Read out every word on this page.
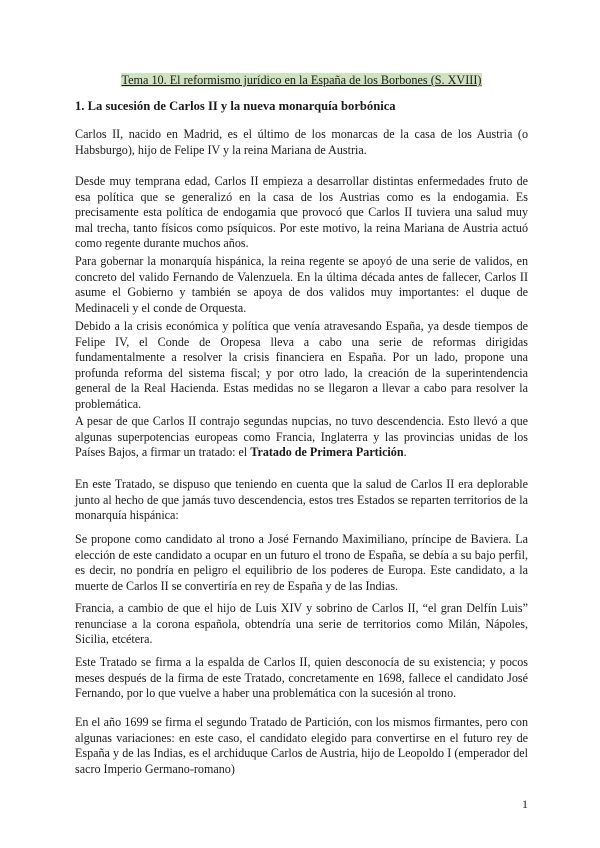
Tema 10. El reformismo jurídico en la España de los Borbones (S. XVIII)
1. La sucesión de Carlos II y la nueva monarquía borbónica

Carlos II, nacido en Madrid, es el último de los monarcas de la casa de los Austria (o Habsburgo), hijo de Felipe IV y la reina Mariana de Austria.

Desde muy temprana edad, Carlos II empieza a desarrollar distintas enfermedades fruto de esa política que se generalizó en la casa de los Austrias como es la endogamia. Es precisamente esta política de endogamia que provocó que Carlos II tuviera una salud muy mal trecha, tanto físicos como psíquicos. Por este motivo, la reina Mariana de Austria actuó como regente durante muchos años.

Para gobernar la monarquía hispánica, la reina regente se apoyó de una serie de validos, en concreto del valido Fernando de Valenzuela. En la última década antes de fallecer, Carlos II asume el Gobierno y también se apoya de dos validos muy importantes: el duque de Medinaceli y el conde de Orquesta.

Debido a la crisis económica y política que venía atravesando España, ya desde tiempos de Felipe IV, el Conde de Oropesa lleva a cabo una serie de reformas dirigidas fundamentalmente a resolver la crisis financiera en España. Por un lado, propone una profunda reforma del sistema fiscal; y por otro lado, la creación de la superintendencia general de la Real Hacienda. Estas medidas no se llegaron a llevar a cabo para resolver la problemática.

A pesar de que Carlos II contrajo segundas nupcias, no tuvo descendencia. Esto llevó a que algunas superpotencias europeas como Francia, Inglaterra y las provincias unidas de los Países Bajos, a firmar un tratado: el Tratado de Primera Partición.

En este Tratado, se dispuso que teniendo en cuenta que la salud de Carlos II era deplorable junto al hecho de que jamás tuvo descendencia, estos tres Estados se reparten territorios de la monarquía hispánica:

Se propone como candidato al trono a José Fernando Maximiliano, príncipe de Baviera. La elección de este candidato a ocupar en un futuro el trono de España, se debía a su bajo perfil, es decir, no pondría en peligro el equilibrio de los poderes de Europa. Este candidato, a la muerte de Carlos II se convertiría en rey de España y de las Indias.

Francia, a cambio de que el hijo de Luis XIV y sobrino de Carlos II, “el gran Delfín Luis” renunciase a la corona española, obtendría una serie de territorios como Milán, Nápoles, Sicilia, etcétera.

Este Tratado se firma a la espalda de Carlos II, quien desconocía de su existencia; y pocos meses después de la firma de este Tratado, concretamente en 1698, fallece el candidato José Fernando, por lo que vuelve a haber una problemática con la sucesión al trono.

En el año 1699 se firma el segundo Tratado de Partición, con los mismos firmantes, pero con algunas variaciones: en este caso, el candidato elegido para convertirse en el futuro rey de España y de las Indias, es el archiduque Carlos de Austria, hijo de Leopoldo I (emperador del sacro Imperio Germano-romano)

1
